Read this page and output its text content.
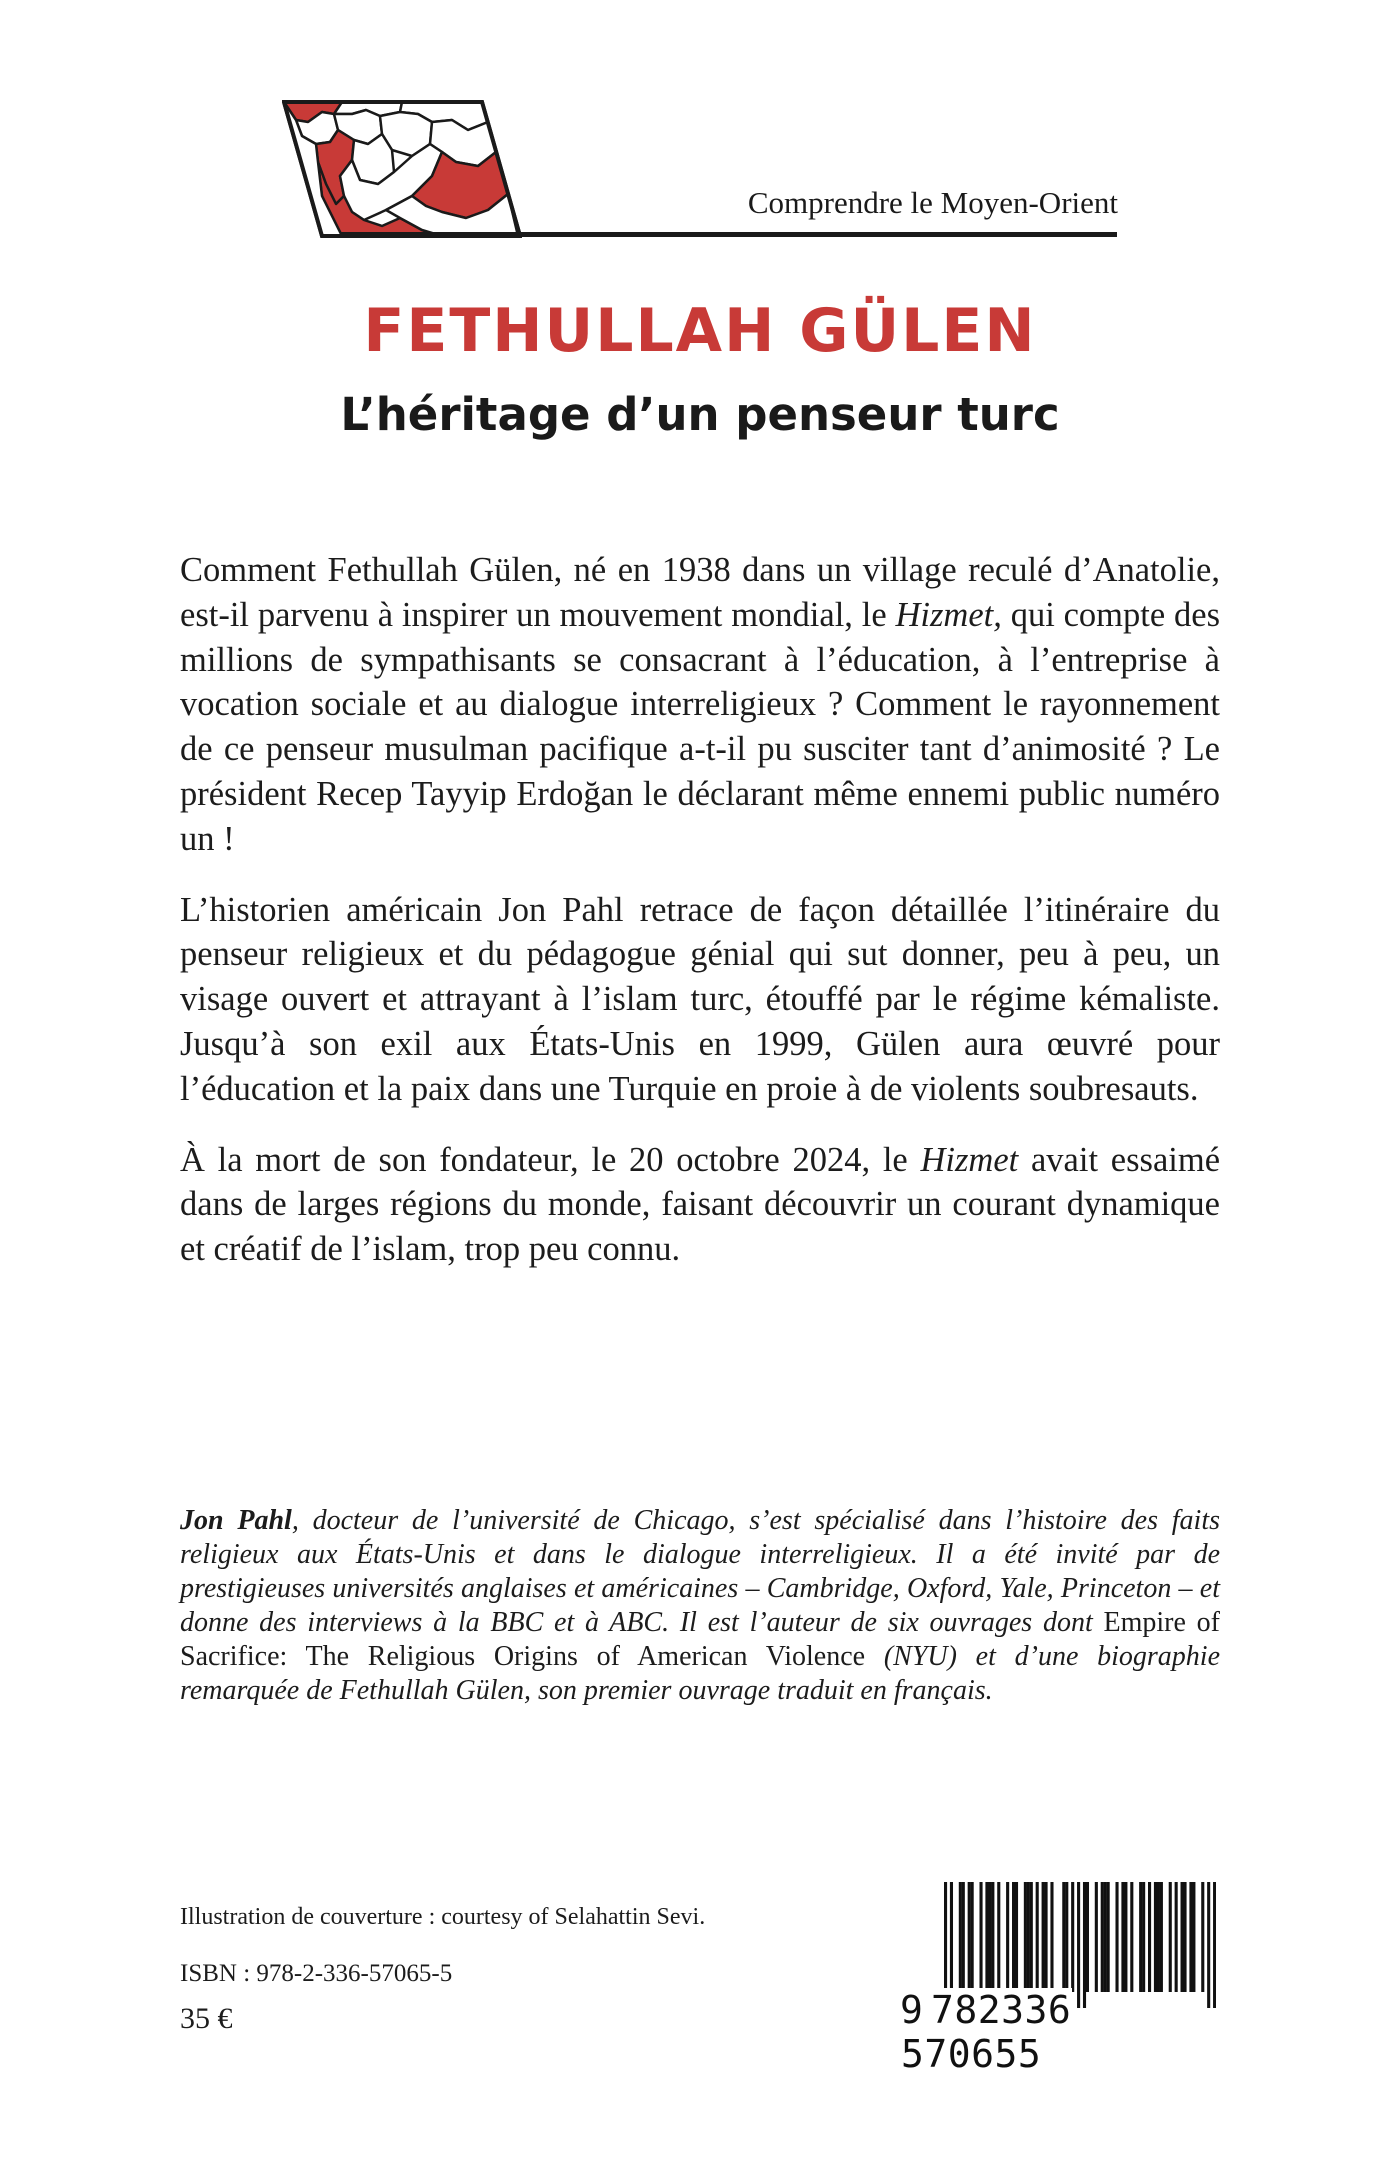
Comprendre le Moyen-Orient
FETHULLAH GÜLEN
L’héritage d’un penseur turc

Comment Fethullah Gülen, né en 1938 dans un village reculé d’Anatolie, est-il parvenu à inspirer un mouvement mondial, le Hizmet, qui compte des millions de sympathisants se consacrant à l’éducation, à l’entreprise à vocation sociale et au dialogue interreligieux ? Comment le rayonnement de ce penseur musulman pacifique a-t-il pu susciter tant d’animosité ? Le président Recep Tayyip Erdoğan le déclarant même ennemi public numéro un !

L’historien américain Jon Pahl retrace de façon détaillée l’itinéraire du penseur religieux et du pédagogue génial qui sut donner, peu à peu, un visage ouvert et attrayant à l’islam turc, étouffé par le régime kémaliste. Jusqu’à son exil aux États-Unis en 1999, Gülen aura œuvré pour l’éducation et la paix dans une Turquie en proie à de violents soubresauts.

À la mort de son fondateur, le 20 octobre 2024, le Hizmet avait essaimé dans de larges régions du monde, faisant découvrir un courant dynamique et créatif de l’islam, trop peu connu.

Jon Pahl, docteur de l’université de Chicago, s’est spécialisé dans l’histoire des faits religieux aux États-Unis et dans le dialogue interreligieux. Il a été invité par de prestigieuses universités anglaises et américaines – Cambridge, Oxford, Yale, Princeton – et donne des interviews à la BBC et à ABC. Il est l’auteur de six ouvrages dont Empire of Sacrifice: The Religious Origins of American Violence (NYU) et d’une biographie remarquée de Fethullah Gülen, son premier ouvrage traduit en français.

Illustration de couverture : courtesy of Selahattin Sevi.
ISBN : 978-2-336-57065-5
35 €	9 782336 570655
